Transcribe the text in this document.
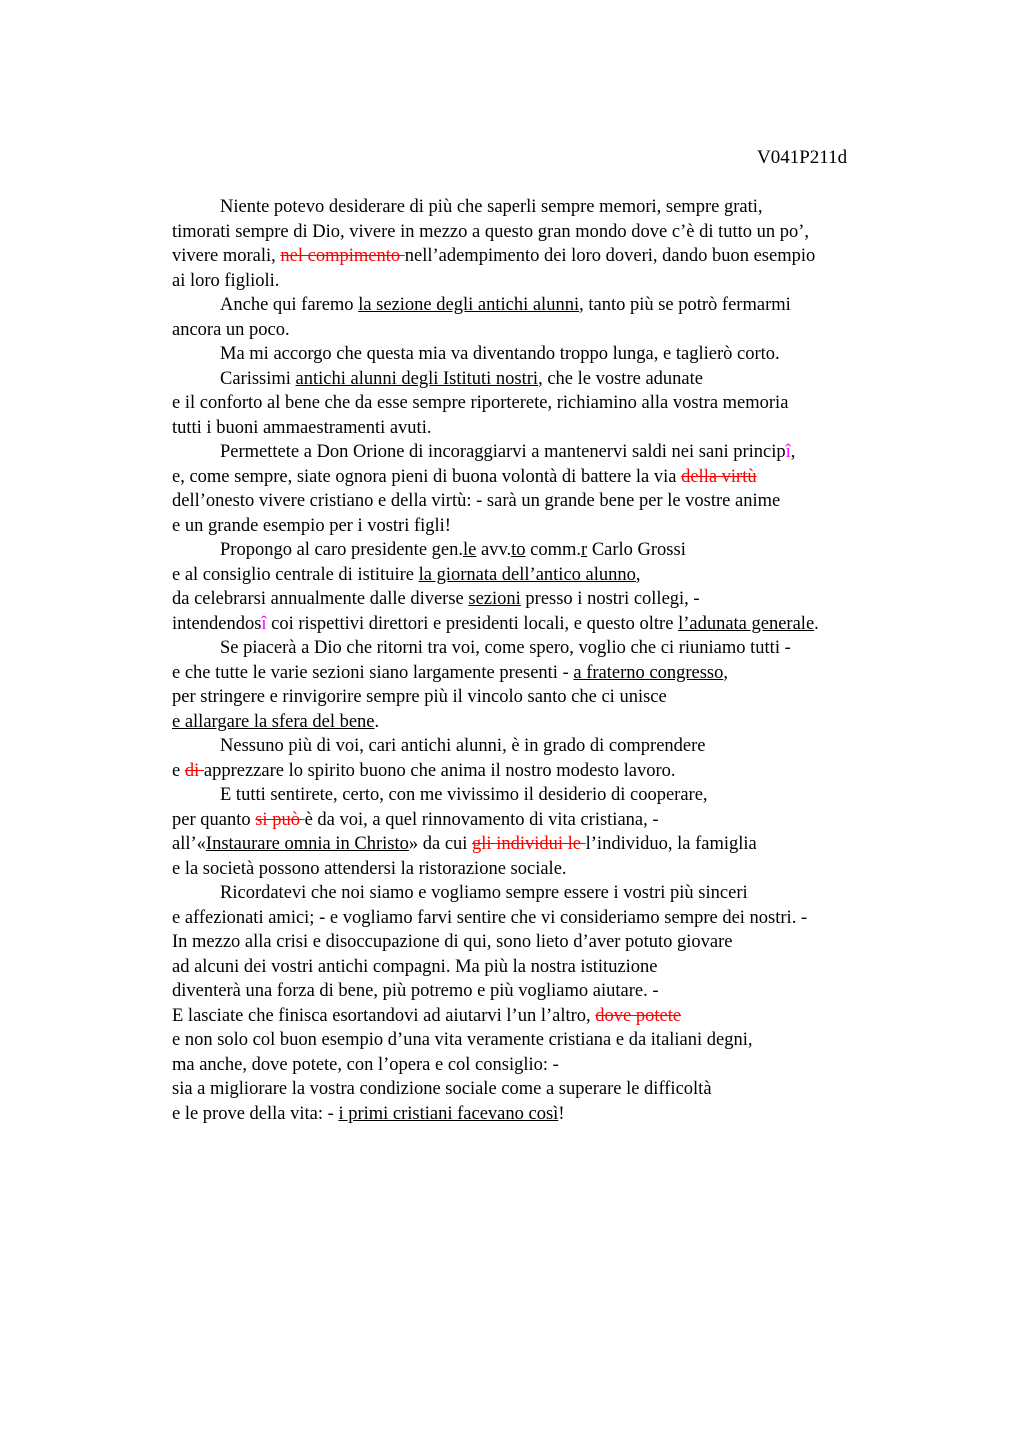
V041P211d
Niente potevo desiderare di più che saperli sempre memori, sempre grati,
timorati sempre di Dio, vivere in mezzo a questo gran mondo dove c’è di tutto un po’,
vivere morali, nel compimento nell’adempimento dei loro doveri, dando buon esempio
ai loro figlioli.
Anche qui faremo la sezione degli antichi alunni, tanto più se potrò fermarmi
ancora un poco.
Ma mi accorgo che questa mia va diventando troppo lunga, e taglierò corto.
Carissimi antichi alunni degli Istituti nostri, che le vostre adunate
e il conforto al bene che da esse sempre riporterete, richiamino alla vostra memoria
tutti i buoni ammaestramenti avuti.
Permettete a Don Orione di incoraggiarvi a mantenervi saldi nei sani principî,
e, come sempre, siate ognora pieni di buona volontà di battere la via della virtù
dell’onesto vivere cristiano e della virtù: - sarà un grande bene per le vostre anime
e un grande esempio per i vostri figli!
Propongo al caro presidente gen.le avv.to comm.r Carlo Grossi
e al consiglio centrale di istituire la giornata dell’antico alunno,
da celebrarsi annualmente dalle diverse sezioni presso i nostri collegi, -
intendendosî coi rispettivi direttori e presidenti locali, e questo oltre l’adunata generale.
Se piacerà a Dio che ritorni tra voi, come spero, voglio che ci riuniamo tutti -
e che tutte le varie sezioni siano largamente presenti - a fraterno congresso,
per stringere e rinvigorire sempre più il vincolo santo che ci unisce
e allargare la sfera del bene.
Nessuno più di voi, cari antichi alunni, è in grado di comprendere
e di apprezzare lo spirito buono che anima il nostro modesto lavoro.
E tutti sentirete, certo, con me vivissimo il desiderio di cooperare,
per quanto si può è da voi, a quel rinnovamento di vita cristiana, -
all’«Instaurare omnia in Christo» da cui gli individui le l’individuo, la famiglia
e la società possono attendersi la ristorazione sociale.
Ricordatevi che noi siamo e vogliamo sempre essere i vostri più sinceri
e affezionati amici; - e vogliamo farvi sentire che vi consideriamo sempre dei nostri. -
In mezzo alla crisi e disoccupazione di qui, sono lieto d’aver potuto giovare
ad alcuni dei vostri antichi compagni. Ma più la nostra istituzione
diventerà una forza di bene, più potremo e più vogliamo aiutare. -
E lasciate che finisca esortandovi ad aiutarvi l’un l’altro, dove potete
e non solo col buon esempio d’una vita veramente cristiana e da italiani degni,
ma anche, dove potete, con l’opera e col consiglio: -
sia a migliorare la vostra condizione sociale come a superare le difficoltà
e le prove della vita: - i primi cristiani facevano così!
